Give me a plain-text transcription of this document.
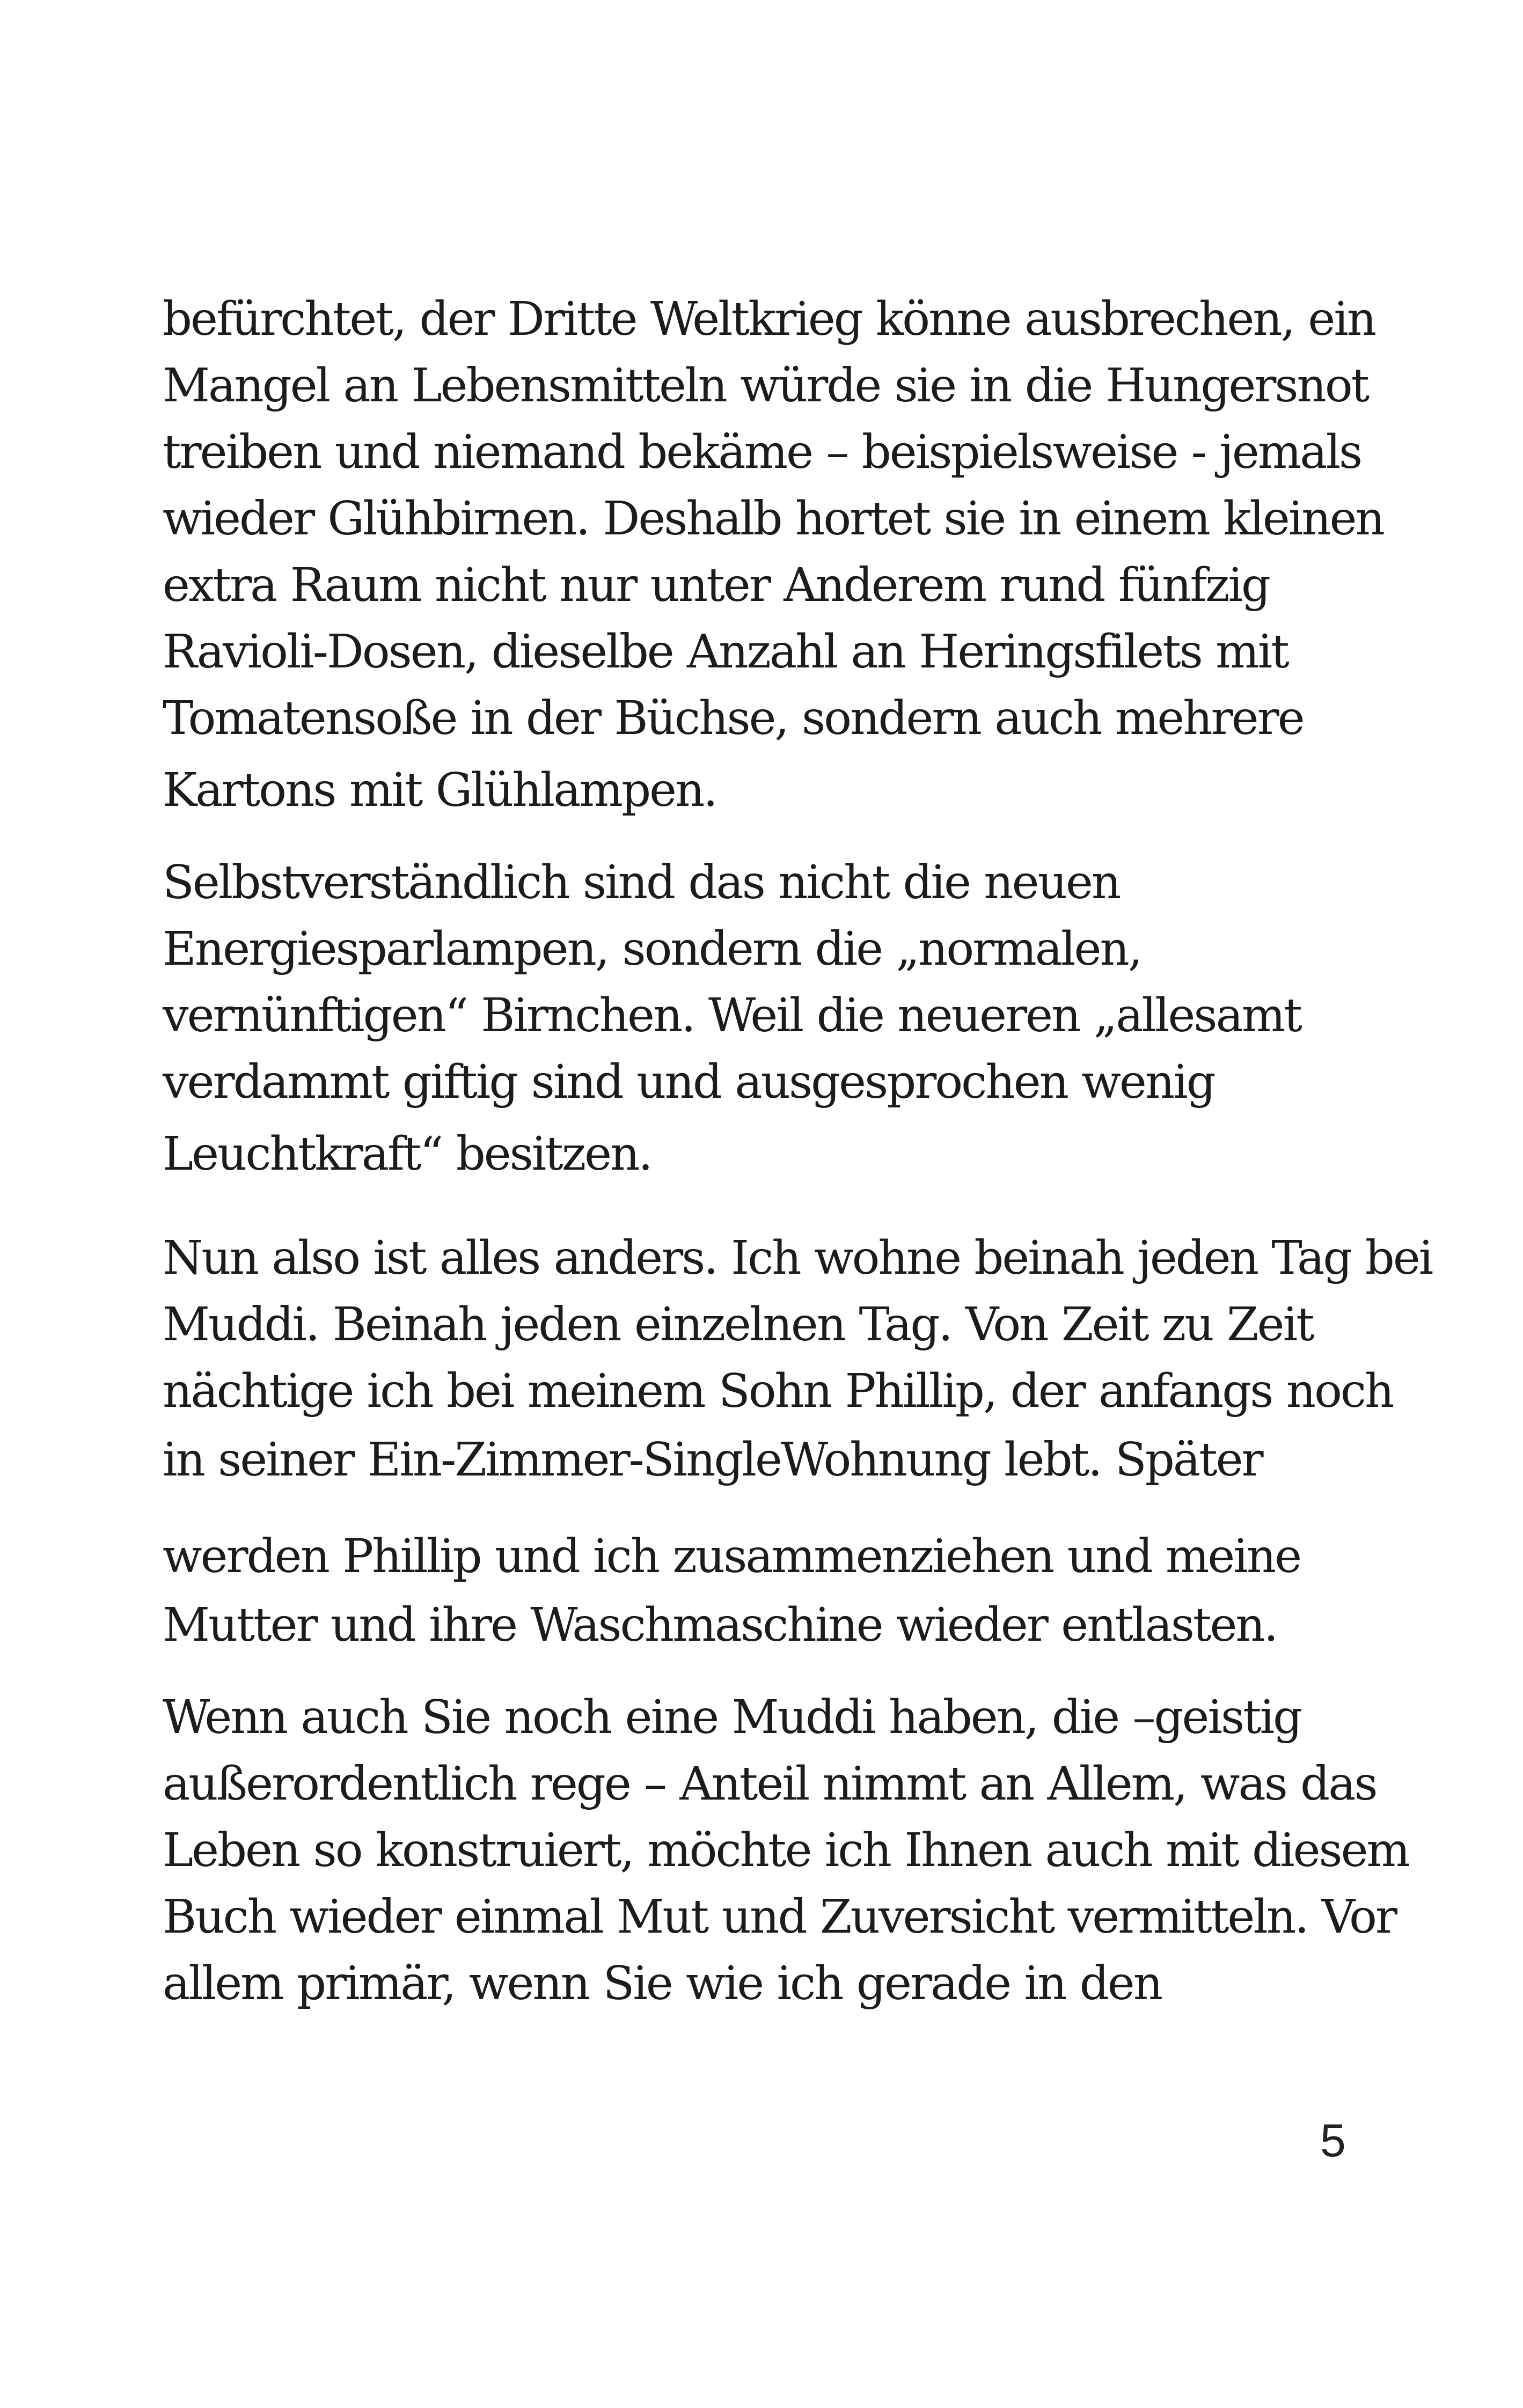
befürchtet, der Dritte Weltkrieg könne ausbrechen, ein

Mangel an Lebensmitteln würde sie in die Hungersnot

treiben und niemand bekäme – beispielsweise - jemals

wieder Glühbirnen. Deshalb hortet sie in einem kleinen

extra Raum nicht nur unter Anderem rund fünfzig

Ravioli-Dosen, dieselbe Anzahl an Heringsfilets mit

Tomatensoße in der Büchse, sondern auch mehrere

Kartons mit Glühlampen.

Selbstverständlich sind das nicht die neuen

Energiesparlampen, sondern die „normalen,

vernünftigen“ Birnchen. Weil die neueren „allesamt

verdammt giftig sind und ausgesprochen wenig

Leuchtkraft“ besitzen.

Nun also ist alles anders. Ich wohne beinah jeden Tag bei

Muddi. Beinah jeden einzelnen Tag. Von Zeit zu Zeit

nächtige ich bei meinem Sohn Phillip, der anfangs noch

in seiner Ein-Zimmer-SingleWohnung lebt. Später

werden Phillip und ich zusammenziehen und meine

Mutter und ihre Waschmaschine wieder entlasten.

Wenn auch Sie noch eine Muddi haben, die –geistig

außerordentlich rege – Anteil nimmt an Allem, was das

Leben so konstruiert, möchte ich Ihnen auch mit diesem

Buch wieder einmal Mut und Zuversicht vermitteln. Vor

allem primär, wenn Sie wie ich gerade in den

5
